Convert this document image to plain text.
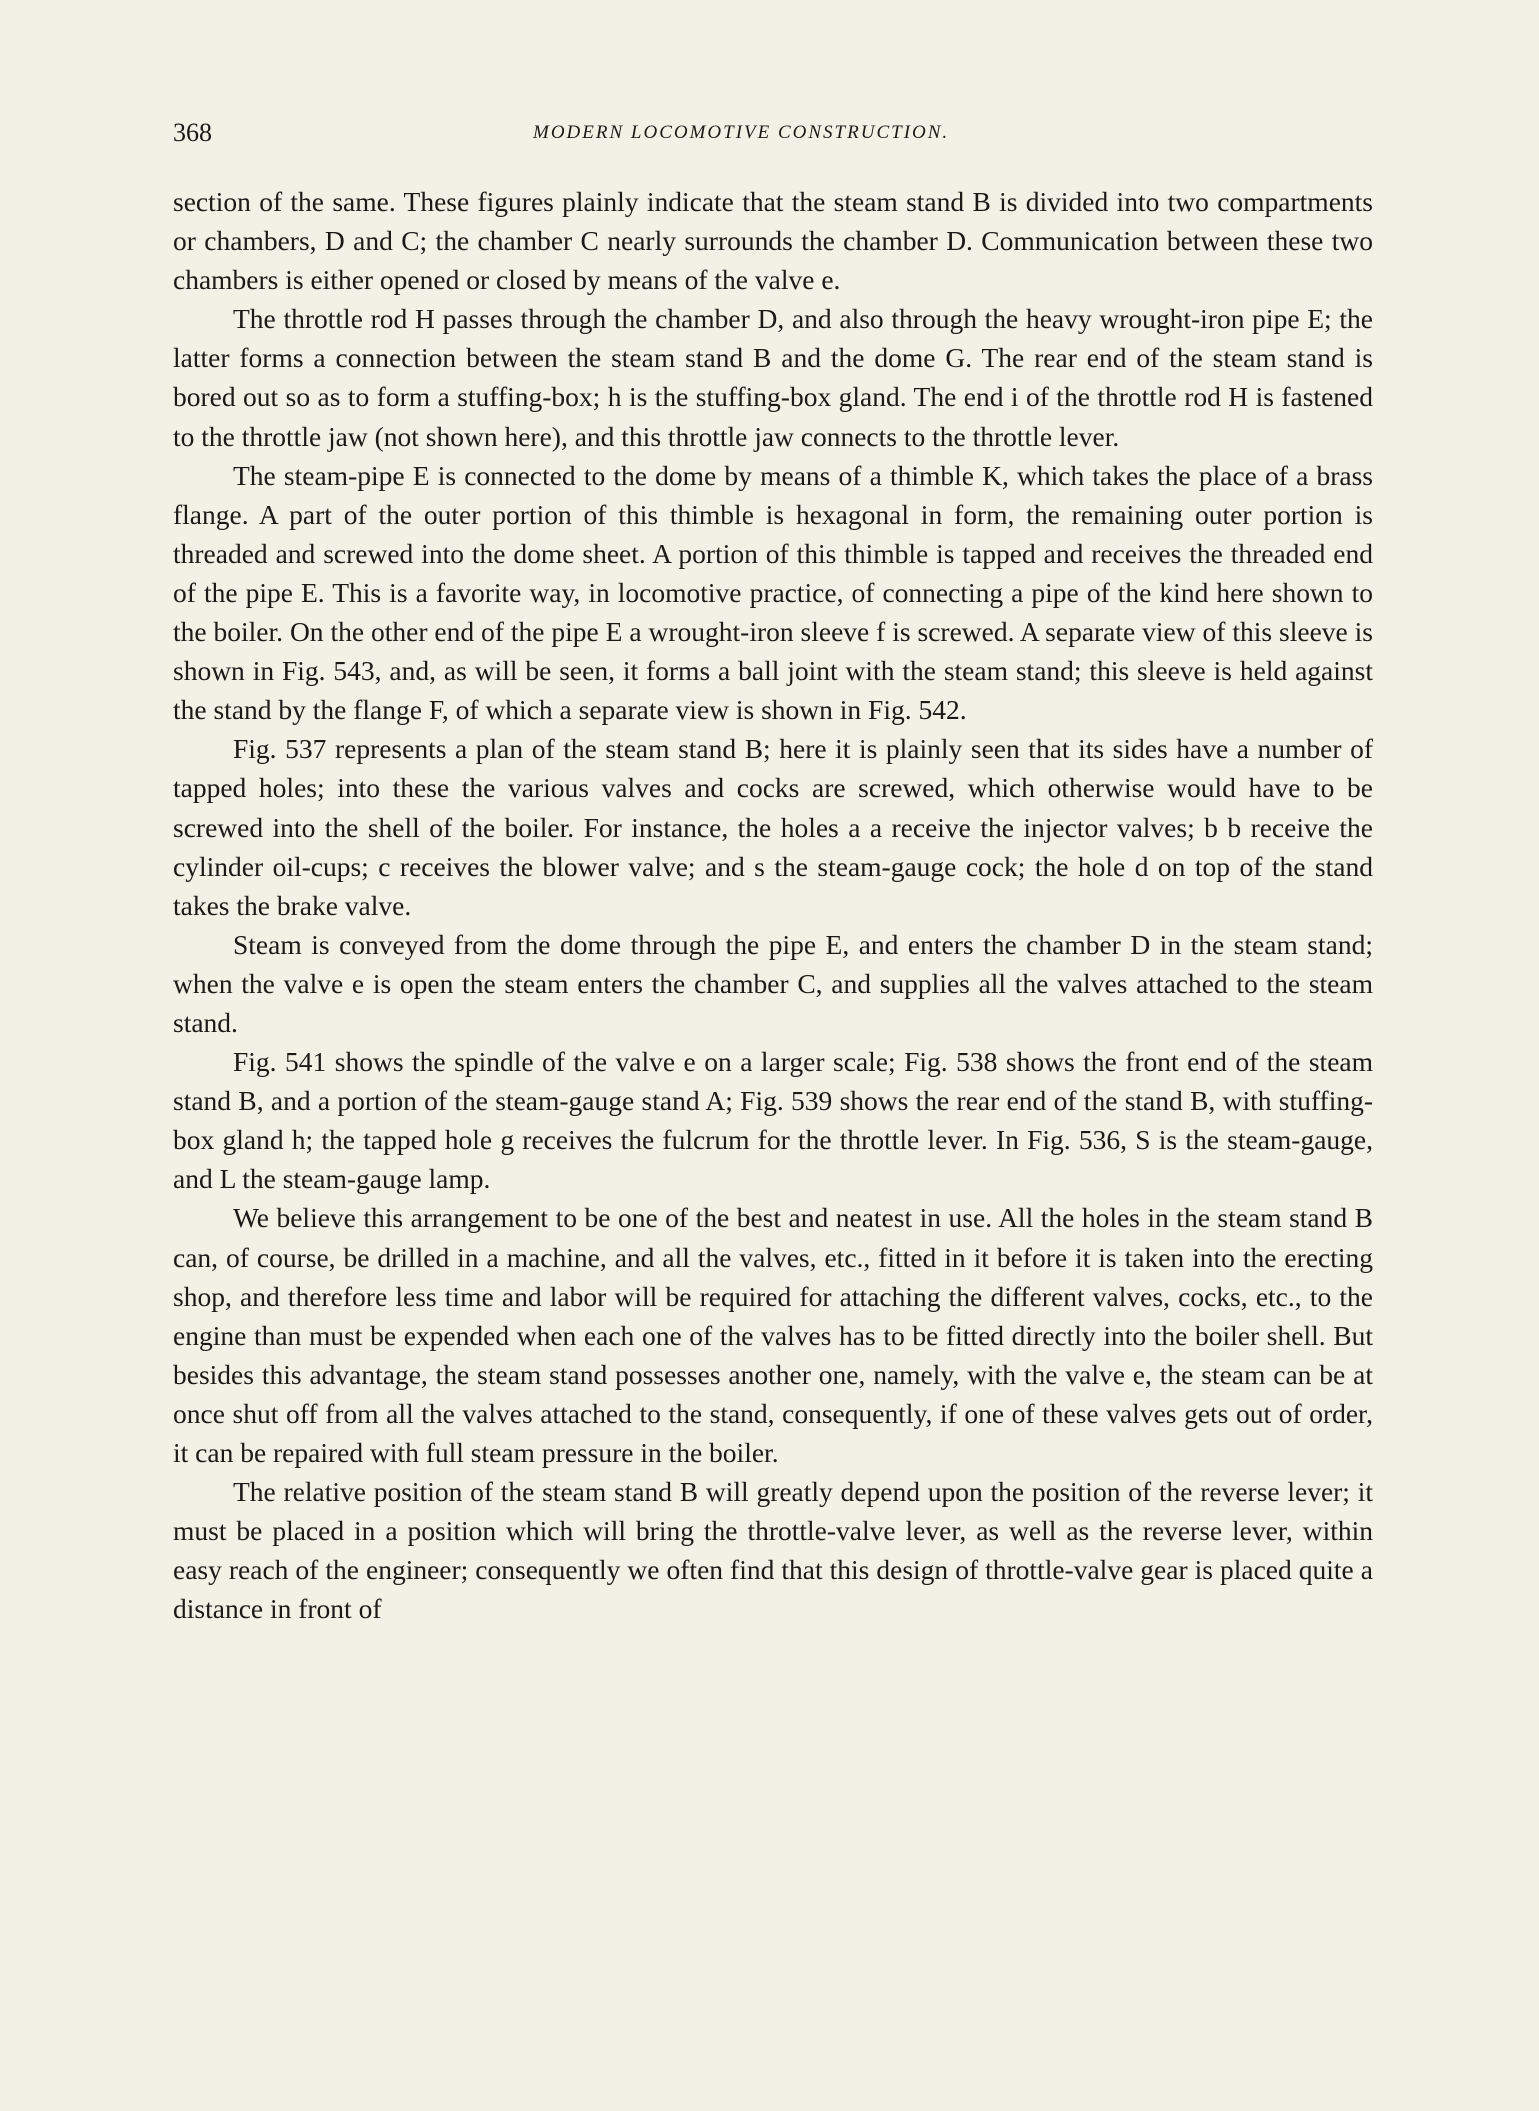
368	MODERN LOCOMOTIVE CONSTRUCTION.

section of the same. These figures plainly indicate that the steam stand B is divided into two compartments or chambers, D and C; the chamber C nearly surrounds the chamber D. Communication between these two chambers is either opened or closed by means of the valve e.

The throttle rod H passes through the chamber D, and also through the heavy wrought-iron pipe E; the latter forms a connection between the steam stand B and the dome G. The rear end of the steam stand is bored out so as to form a stuffing-box; h is the stuffing-box gland. The end i of the throttle rod H is fastened to the throttle jaw (not shown here), and this throttle jaw connects to the throttle lever.

The steam-pipe E is connected to the dome by means of a thimble K, which takes the place of a brass flange. A part of the outer portion of this thimble is hexagonal in form, the remaining outer portion is threaded and screwed into the dome sheet. A portion of this thimble is tapped and receives the threaded end of the pipe E. This is a favorite way, in locomotive practice, of connecting a pipe of the kind here shown to the boiler. On the other end of the pipe E a wrought-iron sleeve f is screwed. A separate view of this sleeve is shown in Fig. 543, and, as will be seen, it forms a ball joint with the steam stand; this sleeve is held against the stand by the flange F, of which a separate view is shown in Fig. 542.

Fig. 537 represents a plan of the steam stand B; here it is plainly seen that its sides have a number of tapped holes; into these the various valves and cocks are screwed, which otherwise would have to be screwed into the shell of the boiler. For instance, the holes a a receive the injector valves; b b receive the cylinder oil-cups; c receives the blower valve; and s the steam-gauge cock; the hole d on top of the stand takes the brake valve.

Steam is conveyed from the dome through the pipe E, and enters the chamber D in the steam stand; when the valve e is open the steam enters the chamber C, and supplies all the valves attached to the steam stand.

Fig. 541 shows the spindle of the valve e on a larger scale; Fig. 538 shows the front end of the steam stand B, and a portion of the steam-gauge stand A; Fig. 539 shows the rear end of the stand B, with stuffing-box gland h; the tapped hole g receives the fulcrum for the throttle lever. In Fig. 536, S is the steam-gauge, and L the steam-gauge lamp.

We believe this arrangement to be one of the best and neatest in use. All the holes in the steam stand B can, of course, be drilled in a machine, and all the valves, etc., fitted in it before it is taken into the erecting shop, and therefore less time and labor will be required for attaching the different valves, cocks, etc., to the engine than must be expended when each one of the valves has to be fitted directly into the boiler shell. But besides this advantage, the steam stand possesses another one, namely, with the valve e, the steam can be at once shut off from all the valves attached to the stand, consequently, if one of these valves gets out of order, it can be repaired with full steam pressure in the boiler.

The relative position of the steam stand B will greatly depend upon the position of the reverse lever; it must be placed in a position which will bring the throttle-valve lever, as well as the reverse lever, within easy reach of the engineer; consequently we often find that this design of throttle-valve gear is placed quite a distance in front of
